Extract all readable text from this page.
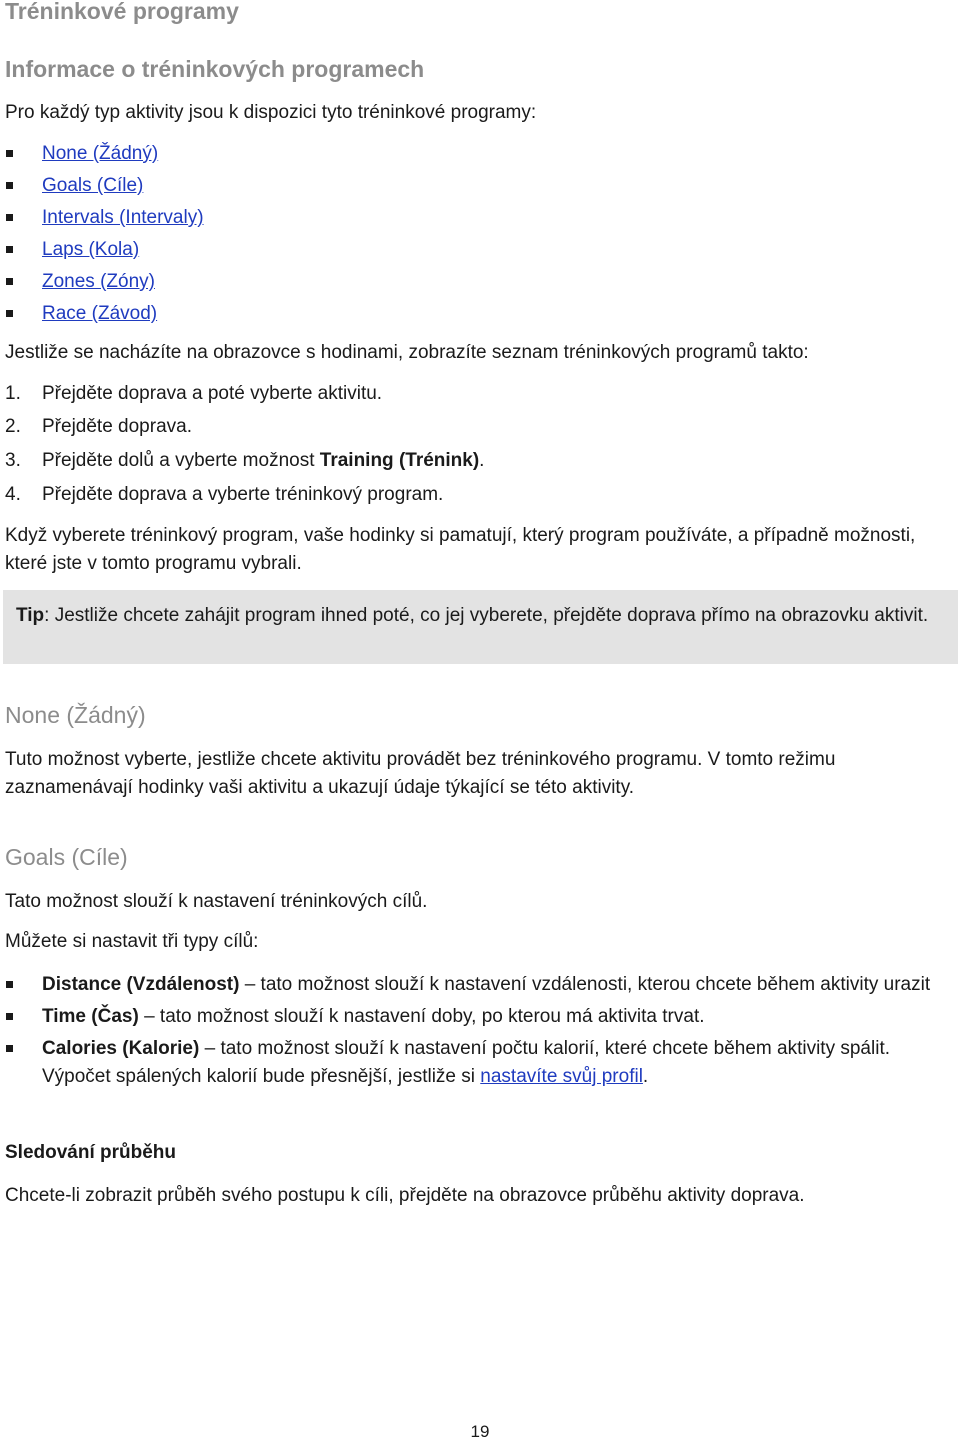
Tréninkové programy
Informace o tréninkových programech
Pro každý typ aktivity jsou k dispozici tyto tréninkové programy:
None (Žádný)
Goals (Cíle)
Intervals (Intervaly)
Laps (Kola)
Zones (Zóny)
Race (Závod)
Jestliže se nacházíte na obrazovce s hodinami, zobrazíte seznam tréninkových programů takto:
1. Přejděte doprava a poté vyberte aktivitu.
2. Přejděte doprava.
3. Přejděte dolů a vyberte možnost Training (Trénink).
4. Přejděte doprava a vyberte tréninkový program.
Když vyberete tréninkový program, vaše hodinky si pamatují, který program používáte, a případně možnosti, které jste v tomto programu vybrali.
Tip: Jestliže chcete zahájit program ihned poté, co jej vyberete, přejděte doprava přímo na obrazovku aktivit.
None (Žádný)
Tuto možnost vyberte, jestliže chcete aktivitu provádět bez tréninkového programu. V tomto režimu zaznamenávají hodinky vaši aktivitu a ukazují údaje týkající se této aktivity.
Goals (Cíle)
Tato možnost slouží k nastavení tréninkových cílů.
Můžete si nastavit tři typy cílů:
Distance (Vzdálenost) – tato možnost slouží k nastavení vzdálenosti, kterou chcete během aktivity urazit
Time (Čas) – tato možnost slouží k nastavení doby, po kterou má aktivita trvat.
Calories (Kalorie) – tato možnost slouží k nastavení počtu kalorií, které chcete během aktivity spálit. Výpočet spálených kalorií bude přesnější, jestliže si nastavíte svůj profil.
Sledování průběhu
Chcete-li zobrazit průběh svého postupu k cíli, přejděte na obrazovce průběhu aktivity doprava.
19
